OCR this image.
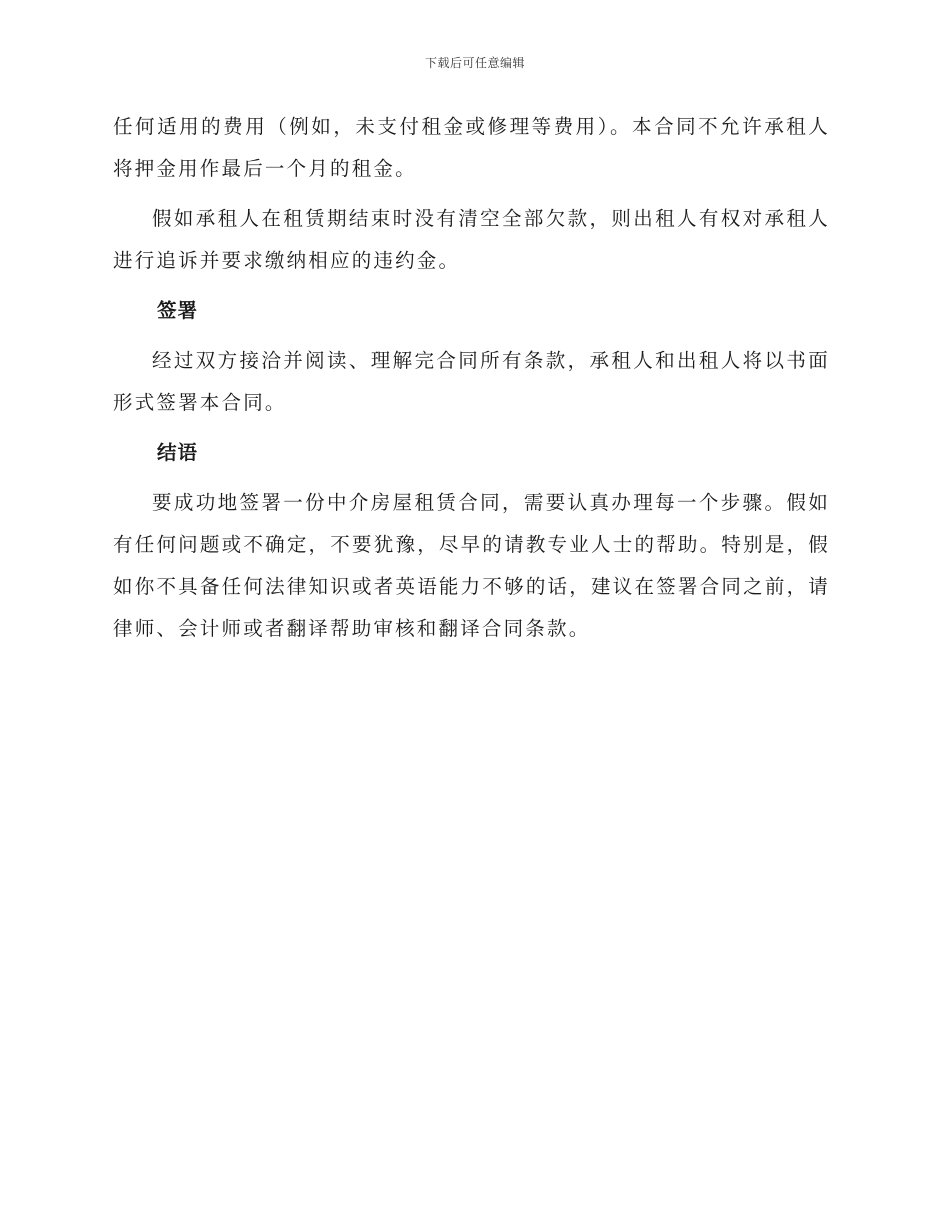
下载后可任意编辑

任何适用的费用（例如，未支付租金或修理等费用）。本合同不允许承租人将押金用作最后一个月的租金。

假如承租人在租赁期结束时没有清空全部欠款，则出租人有权对承租人进行追诉并要求缴纳相应的违约金。

签署

经过双方接洽并阅读、理解完合同所有条款，承租人和出租人将以书面形式签署本合同。

结语

要成功地签署一份中介房屋租赁合同，需要认真办理每一个步骤。假如有任何问题或不确定，不要犹豫，尽早的请教专业人士的帮助。特别是，假如你不具备任何法律知识或者英语能力不够的话，建议在签署合同之前，请律师、会计师或者翻译帮助审核和翻译合同条款。
